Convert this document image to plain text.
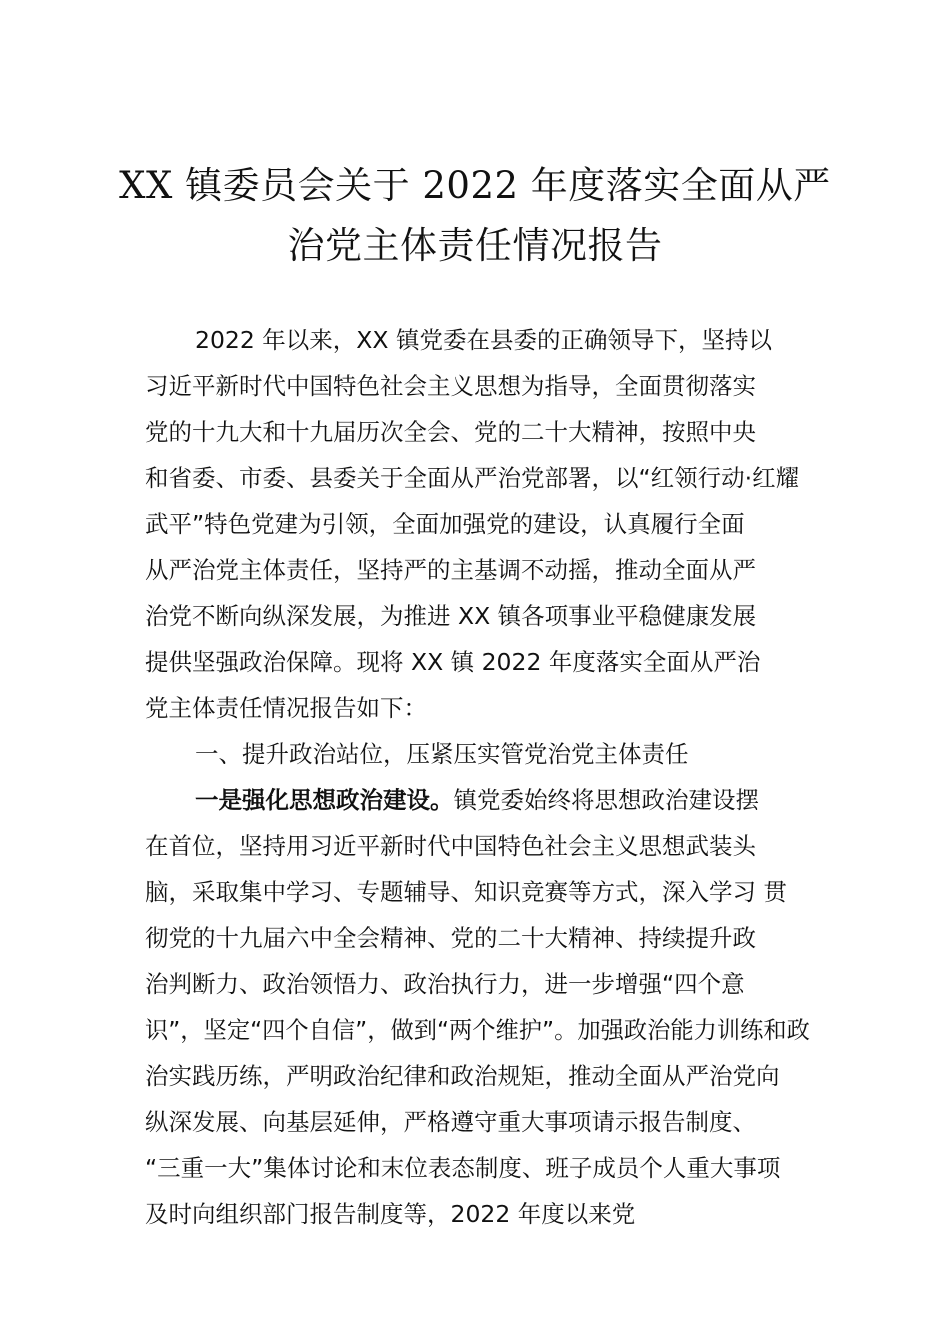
XX 镇委员会关于 2022 年度落实全面从严
治党主体责任情况报告
2022 年以来，XX 镇党委在县委的正确领导下，坚持以
习近平新时代中国特色社会主义思想为指导，全面贯彻落实
党的十九大和十九届历次全会、党的二十大精神，按照中央
和省委、市委、县委关于全面从严治党部署，以“红领行动·红耀
武平”特色党建为引领，全面加强党的建设，认真履行全面
从严治党主体责任，坚持严的主基调不动摇，推动全面从严
治党不断向纵深发展，为推进 XX 镇各项事业平稳健康发展
提供坚强政治保障。现将 XX 镇 2022 年度落实全面从严治
党主体责任情况报告如下：
一、提升政治站位，压紧压实管党治党主体责任
一是强化思想政治建设。镇党委始终将思想政治建设摆
在首位，坚持用习近平新时代中国特色社会主义思想武装头
脑，采取集中学习、专题辅导、知识竞赛等方式，深入学习 贯
彻党的十九届六中全会精神、党的二十大精神、持续提升政
治判断力、政治领悟力、政治执行力，进一步增强“四个意
识”，坚定“四个自信”，做到“两个维护”。加强政治能力训练和政
治实践历练，严明政治纪律和政治规矩，推动全面从严治党向
纵深发展、向基层延伸，严格遵守重大事项请示报告制度、
“三重一大”集体讨论和末位表态制度、班子成员个人重大事项
及时向组织部门报告制度等，2022 年度以来党
